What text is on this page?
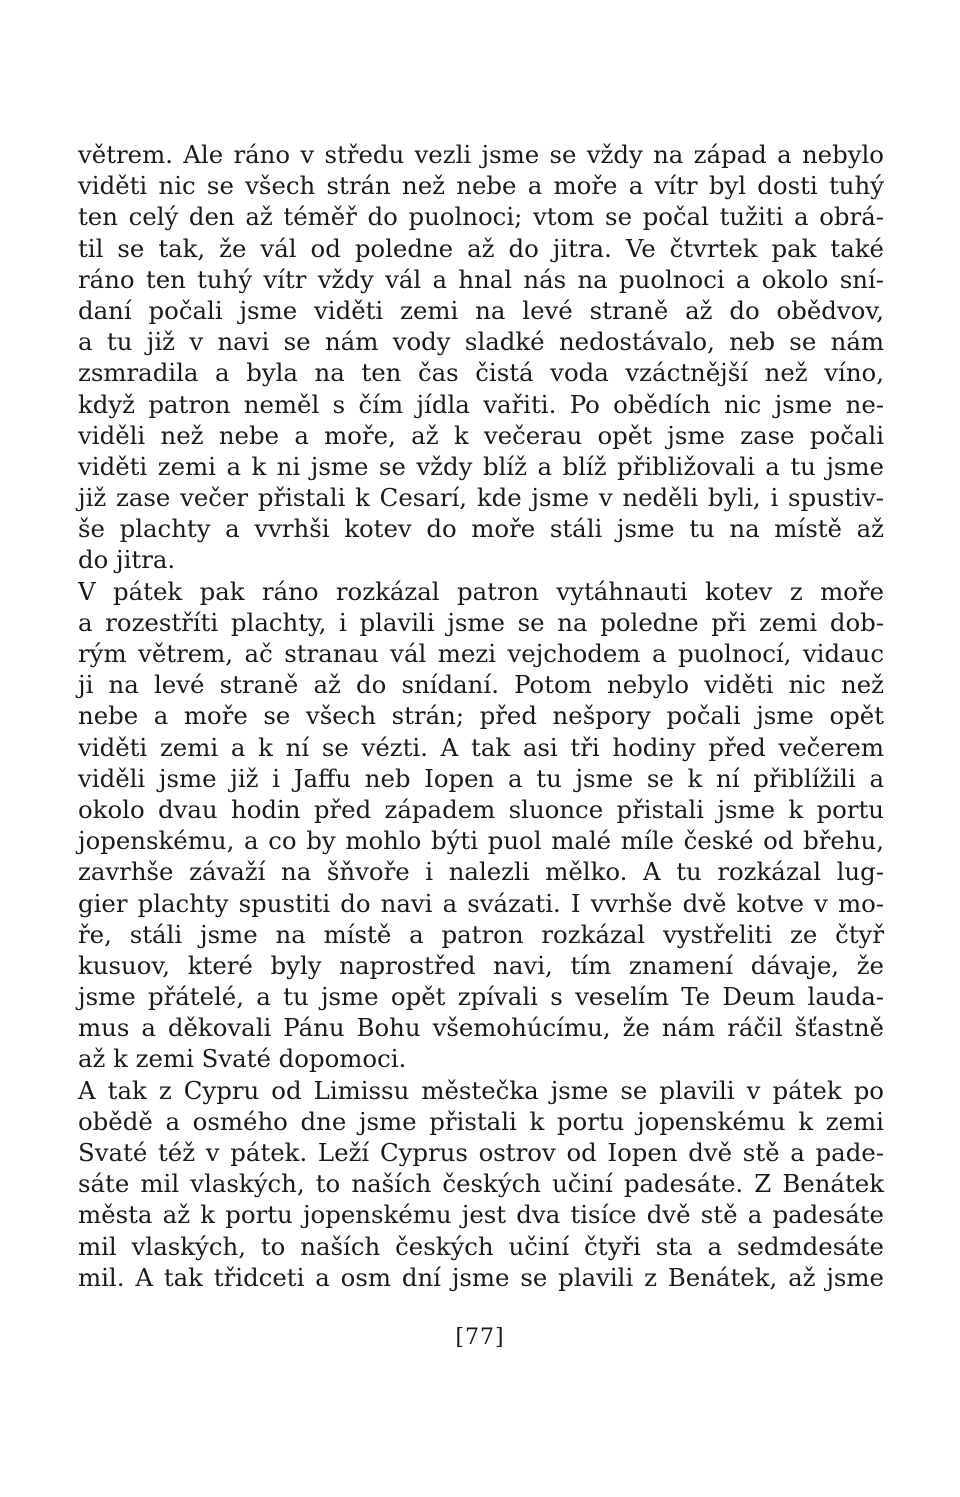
větrem. Ale ráno v středu vezli jsme se vždy na západ a nebylo
viděti nic se všech strán než nebe a moře a vítr byl dosti tuhý
ten celý den až téměř do puolnoci; vtom se počal tužiti a obrá-
til se tak, že vál od poledne až do jitra. Ve čtvrtek pak také
ráno ten tuhý vítr vždy vál a hnal nás na puolnoci a okolo sní-
daní počali jsme viděti zemi na levé straně až do obědvov,
a tu již v navi se nám vody sladké nedostávalo, neb se nám
zsmradila a byla na ten čas čistá voda vzáctnější než víno,
když patron neměl s čím jídla vařiti. Po obědích nic jsme ne-
viděli než nebe a moře, až k večerau opět jsme zase počali
viděti zemi a k ni jsme se vždy blíž a blíž přibližovali a tu jsme
již zase večer přistali k Cesarí, kde jsme v neděli byli, i spustiv-
še plachty a vvrhši kotev do moře stáli jsme tu na místě až
do jitra.
V pátek pak ráno rozkázal patron vytáhnauti kotev z moře
a rozestříti plachty, i plavili jsme se na poledne při zemi dob-
rým větrem, ač stranau vál mezi vejchodem a puolnocí, vidauc
ji na levé straně až do snídaní. Potom nebylo viděti nic než
nebe a moře se všech strán; před nešpory počali jsme opět
viděti zemi a k ní se vézti. A tak asi tři hodiny před večerem
viděli jsme již i Jaffu neb Iopen a tu jsme se k ní přiblížili a
okolo dvau hodin před západem sluonce přistali jsme k portu
jopenskému, a co by mohlo býti puol malé míle české od břehu,
zavrhše závaží na šňvoře i nalezli mělko. A tu rozkázal lug-
gier plachty spustiti do navi a svázati. I vvrhše dvě kotve v mo-
ře, stáli jsme na místě a patron rozkázal vystřeliti ze čtyř
kusuov, které byly naprostřed navi, tím znamení dávaje, že
jsme přátelé, a tu jsme opět zpívali s veselím Te Deum lauda-
mus a děkovali Pánu Bohu všemohúcímu, že nám ráčil šťastně
až k zemi Svaté dopomoci.
A tak z Cypru od Limissu městečka jsme se plavili v pátek po
obědě a osmého dne jsme přistali k portu jopenskému k zemi
Svaté též v pátek. Leží Cyprus ostrov od Iopen dvě stě a pade-
sáte mil vlaských, to naších českých učiní padesáte. Z Benátek
města až k portu jopenskému jest dva tisíce dvě stě a padesáte
mil vlaských, to naších českých učiní čtyři sta a sedmdesáte
mil. A tak třidceti a osm dní jsme se plavili z Benátek, až jsme
[77]
